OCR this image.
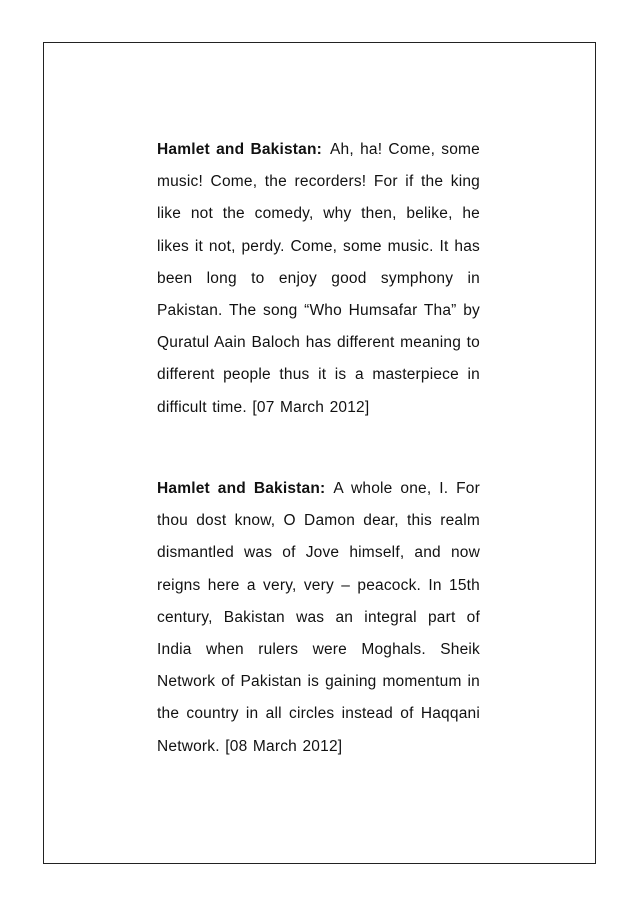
Hamlet and Bakistan: Ah, ha! Come, some music! Come, the recorders! For if the king like not the comedy, why then, belike, he likes it not, perdy. Come, some music. It has been long to enjoy good symphony in Pakistan. The song “Who Humsafar Tha” by Quratul Aain Baloch has different meaning to different people thus it is a masterpiece in difficult time. [07 March 2012]

Hamlet and Bakistan: A whole one, I. For thou dost know, O Damon dear, this realm dismantled was of Jove himself, and now reigns here a very, very – peacock. In 15th century, Bakistan was an integral part of India when rulers were Moghals. Sheik Network of Pakistan is gaining momentum in the country in all circles instead of Haqqani Network. [08 March 2012]
